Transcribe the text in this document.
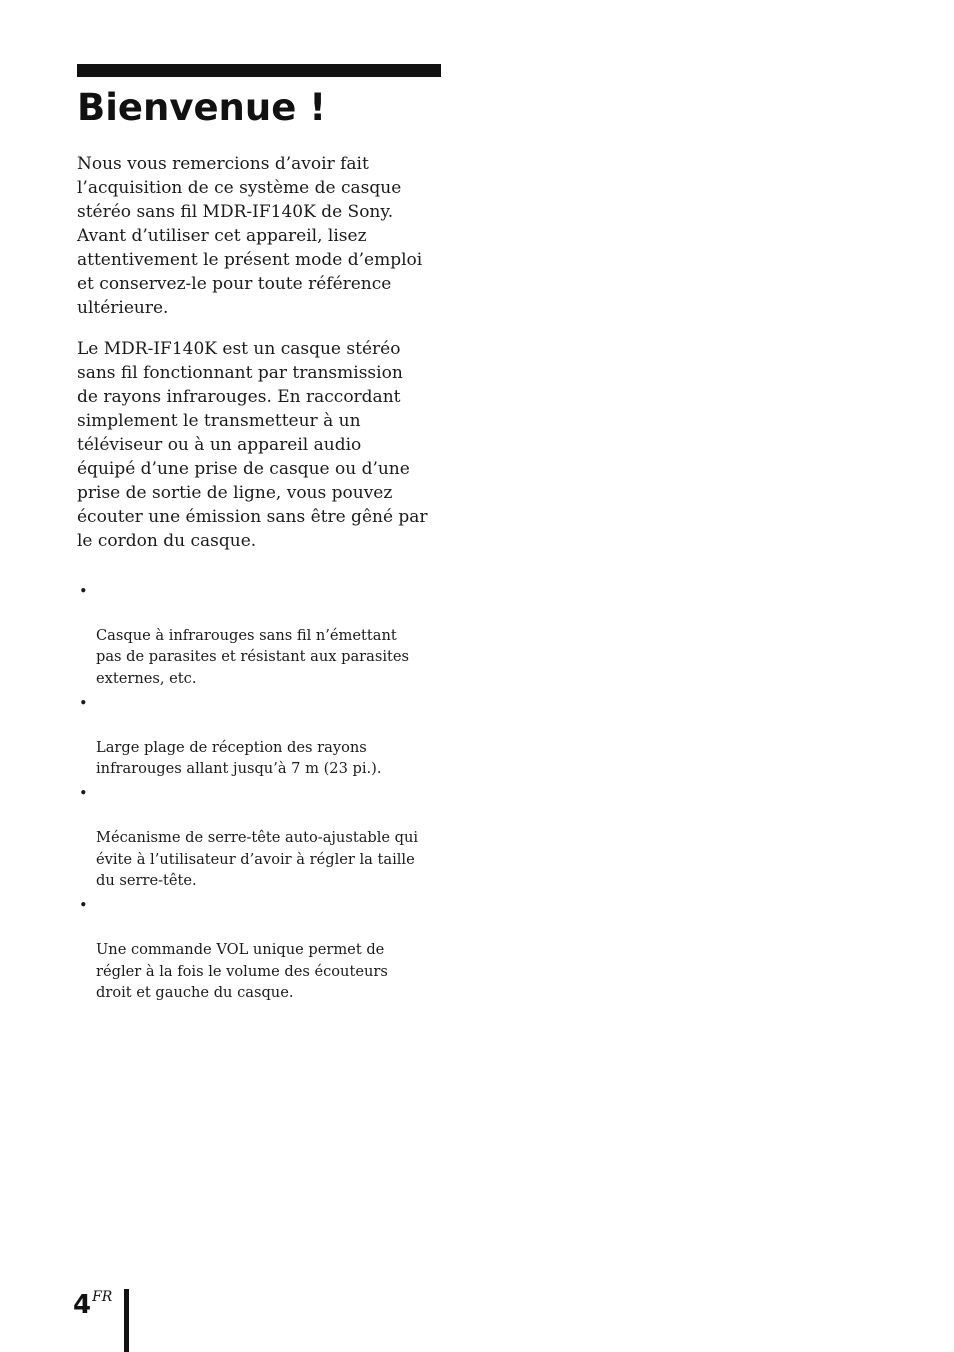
Bienvenue !

Nous vous remercions d’avoir fait
l’acquisition de ce système de casque
stéréo sans fil MDR-IF140K de Sony.
Avant d’utiliser cet appareil, lisez
attentivement le présent mode d’emploi
et conservez-le pour toute référence
ultérieure.

Le MDR-IF140K est un casque stéréo
sans fil fonctionnant par transmission
de rayons infrarouges. En raccordant
simplement le transmetteur à un
téléviseur ou à un appareil audio
équipé d’une prise de casque ou d’une
prise de sortie de ligne, vous pouvez
écouter une émission sans être gêné par
le cordon du casque.

•

Casque à infrarouges sans fil n’émettant
pas de parasites et résistant aux parasites
externes, etc.

•

Large plage de réception des rayons
infrarouges allant jusqu’à 7 m (23 pi.).

•

Mécanisme de serre-tête auto-ajustable qui
évite à l’utilisateur d’avoir à régler la taille
du serre-tête.

•

Une commande VOL unique permet de
régler à la fois le volume des écouteurs
droit et gauche du casque.

$4^{FR}$
